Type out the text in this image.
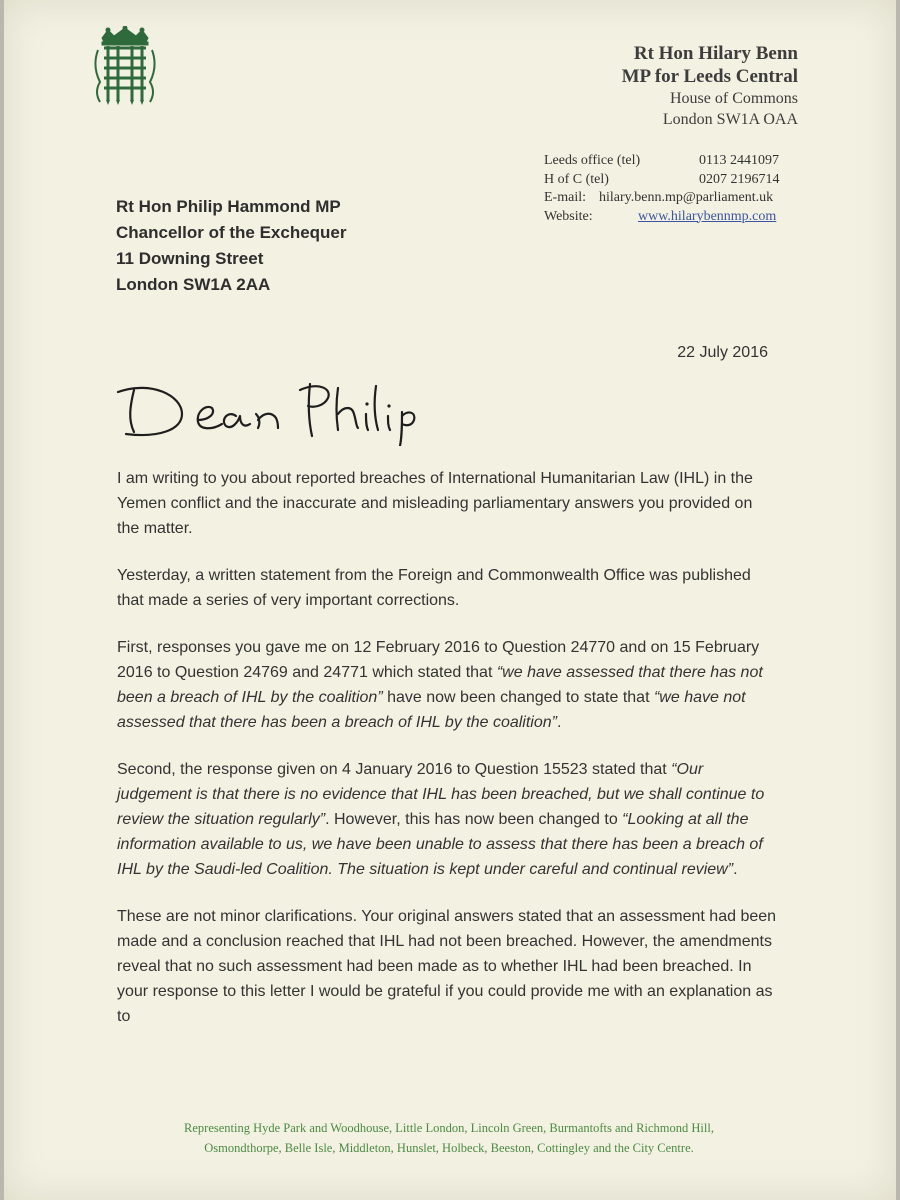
Rt Hon Hilary Benn
MP for Leeds Central
House of Commons
London SW1A OAA
Leeds office (tel)	0113 2441097
H of C (tel)	0207 2196714
E-mail: hilary.benn.mp@parliament.uk
Website:	www.hilarybennmp.com
Rt Hon Philip Hammond MP
Chancellor of the Exchequer
11 Downing Street
London SW1A 2AA
22 July 2016

I am writing to you about reported breaches of International Humanitarian Law (IHL) in the Yemen conflict and the inaccurate and misleading parliamentary answers you provided on the matter.

Yesterday, a written statement from the Foreign and Commonwealth Office was published that made a series of very important corrections.

First, responses you gave me on 12 February 2016 to Question 24770 and on 15 February 2016 to Question 24769 and 24771 which stated that “we have assessed that there has not been a breach of IHL by the coalition” have now been changed to state that “we have not assessed that there has been a breach of IHL by the coalition”.

Second, the response given on 4 January 2016 to Question 15523 stated that “Our judgement is that there is no evidence that IHL has been breached, but we shall continue to review the situation regularly”. However, this has now been changed to “Looking at all the information available to us, we have been unable to assess that there has been a breach of IHL by the Saudi-led Coalition. The situation is kept under careful and continual review”.

These are not minor clarifications. Your original answers stated that an assessment had been made and a conclusion reached that IHL had not been breached. However, the amendments reveal that no such assessment had been made as to whether IHL had been breached. In your response to this letter I would be grateful if you could provide me with an explanation as to

Representing Hyde Park and Woodhouse, Little London, Lincoln Green, Burmantofts and Richmond Hill,
Osmondthorpe, Belle Isle, Middleton, Hunslet, Holbeck, Beeston, Cottingley and the City Centre.
